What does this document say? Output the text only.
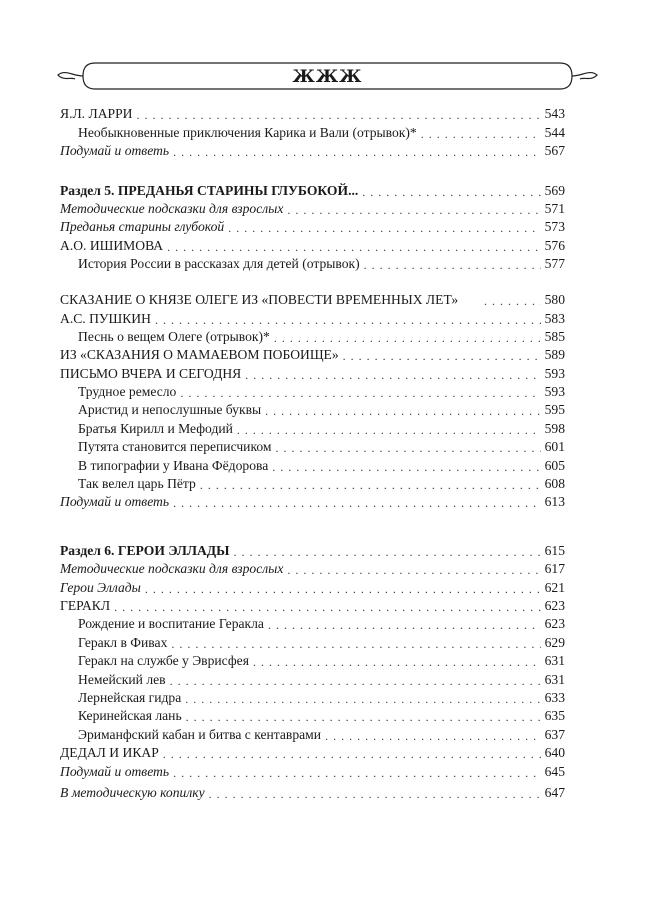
ЖЖЖ
Я.Л. ЛАРРИ . . .	543
Необыкновенные приключения Карика и Вали (отрывок)* . . .	544
Подумай и ответь . . .	567
Раздел 5. ПРЕДАНЬЯ СТАРИНЫ ГЛУБОКОЙ... . . .	569
Методические подсказки для взрослых . . .	571
Преданья старины глубокой . . .	573
А.О. ИШИМОВА . . .	576
История России в рассказах для детей (отрывок) . . .	577
СКАЗАНИЕ О КНЯЗЕ ОЛЕГЕ ИЗ «ПОВЕСТИ ВРЕМЕННЫХ ЛЕТ» . . .	580
А.С. ПУШКИН . . .	583
Песнь о вещем Олеге (отрывок)* . . .	585
ИЗ «СКАЗАНИЯ О МАМАЕВОМ ПОБОИЩЕ» . . .	589
ПИСЬМО ВЧЕРА И СЕГОДНЯ . . .	593
Трудное ремесло . . .	593
Аристид и непослушные буквы . . .	595
Братья Кирилл и Мефодий . . .	598
Путята становится переписчиком . . .	601
В типографии у Ивана Фёдорова . . .	605
Так велел царь Пётр . . .	608
Подумай и ответь . . .	613
Раздел 6. ГЕРОИ ЭЛЛАДЫ . . .	615
Методические подсказки для взрослых . . .	617
Герои Эллады . . .	621
ГЕРАКЛ . . .	623
Рождение и воспитание Геракла . . .	623
Геракл в Фивах . . .	629
Геракл на службе у Эврисфея . . .	631
Немейский лев . . .	631
Лернейская гидра . . .	633
Керинейская лань . . .	635
Эриманфский кабан и битва с кентаврами . . .	637
ДЕДАЛ И ИКАР . . .	640
Подумай и ответь . . .	645
В методическую копилку . . .	647
